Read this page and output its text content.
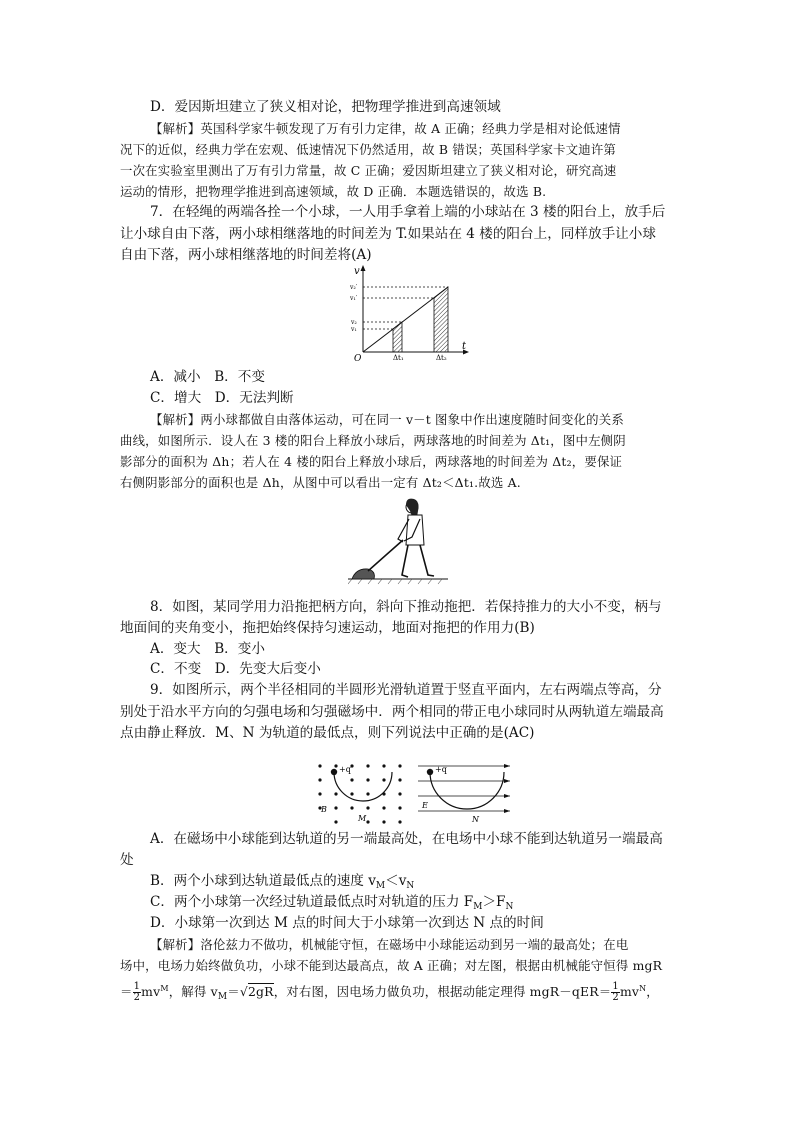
D．爱因斯坦建立了狭义相对论，把物理学推进到高速领域
【解析】英国科学家牛顿发现了万有引力定律，故 A 正确；经典力学是相对论低速情
况下的近似，经典力学在宏观、低速情况下仍然适用，故 B 错误；英国科学家卡文迪许第
一次在实验室里测出了万有引力常量，故 C 正确；爱因斯坦建立了狭义相对论，研究高速
运动的情形，把物理学推进到高速领域，故 D 正确．本题选错误的，故选 B.
7．在轻绳的两端各拴一个小球，一人用手拿着上端的小球站在 3 楼的阳台上，放手后
让小球自由下落，两小球相继落地的时间差为 T.如果站在 4 楼的阳台上，同样放手让小球
自由下落，两小球相继落地的时间差将(A)
v
t
O
v₂′
v₁′
v₂
v₁
Δt₁	Δt₂
A．减小　B．不变
C．增大　D．无法判断
【解析】两小球都做自由落体运动，可在同一 v－t 图象中作出速度随时间变化的关系
曲线，如图所示．设人在 3 楼的阳台上释放小球后，两球落地的时间差为 Δt₁，图中左侧阴
影部分的面积为 Δh；若人在 4 楼的阳台上释放小球后，两球落地的时间差为 Δt₂，要保证
右侧阴影部分的面积也是 Δh，从图中可以看出一定有 Δt₂＜Δt₁.故选 A.
8．如图，某同学用力沿拖把柄方向，斜向下推动拖把．若保持推力的大小不变，柄与
地面间的夹角变小，拖把始终保持匀速运动，地面对拖把的作用力(B)
A．变大　B．变小
C．不变　D．先变大后变小
9．如图所示，两个半径相同的半圆形光滑轨道置于竖直平面内，左右两端点等高，分
别处于沿水平方向的匀强电场和匀强磁场中．两个相同的带正电小球同时从两轨道左端最高
点由静止释放．M、N 为轨道的最低点，则下列说法中正确的是(AC)
+q
B
M
+q
E
N
A．在磁场中小球能到达轨道的另一端最高处，在电场中小球不能到达轨道另一端最高
处
B．两个小球到达轨道最低点的速度 $v_M<v_N$
C．两个小球第一次经过轨道最低点时对轨道的压力 $F_M>F_N$
D．小球第一次到达 M 点的时间大于小球第一次到达 N 点的时间
【解析】洛伦兹力不做功，机械能守恒，在磁场中小球能运动到另一端的最高处；在电
场中，电场力始终做负功，小球不能到达最高点，故 A 正确；对左图，根据由机械能守恒得 mgR
＝ $\frac{1}{2} mv^M$，解得 $v_M=√2gR$，对右图，因电场力做负功，根据动能定理得 $mgR-qER= \frac{1}{2} mv^N$，
